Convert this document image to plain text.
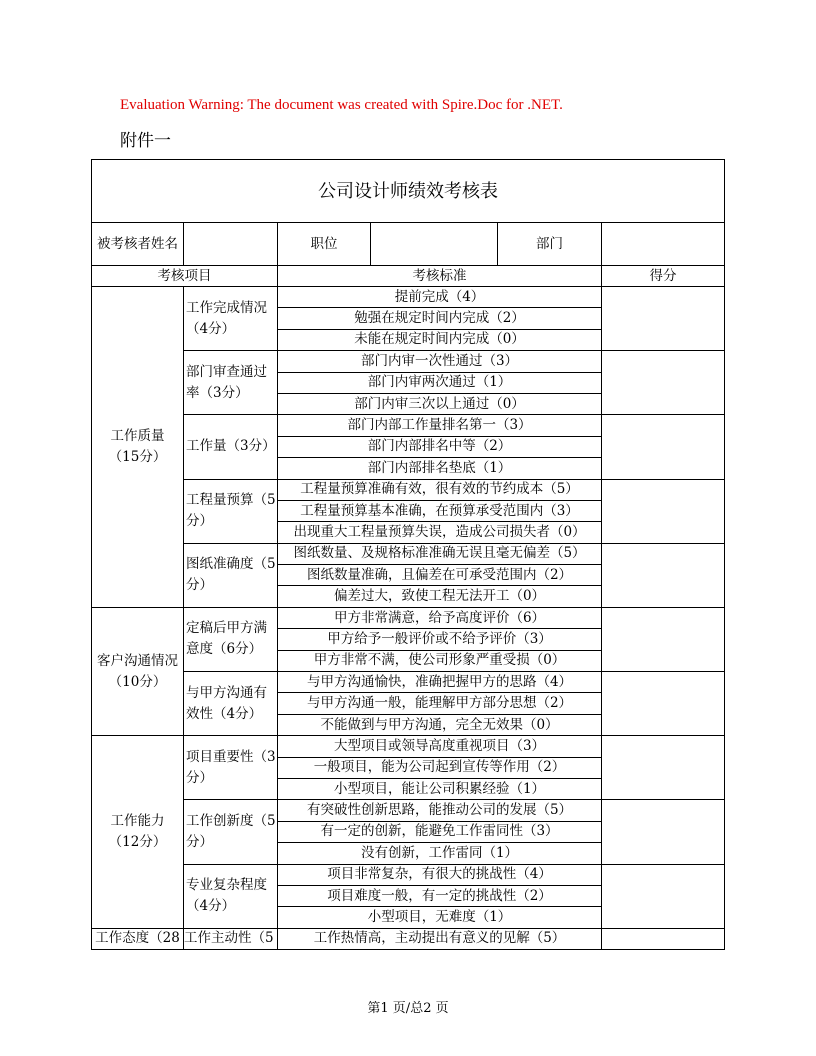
Evaluation Warning: The document was created with Spire.Doc for .NET.
附件一
公司设计师绩效考核表					
被考核者姓名		职位		部门	
考核项目		考核标准			得分
工作质量（15分）	工作完成情况（4分）	提前完成（4）			
		勉强在规定时间内完成（2）			
		未能在规定时间内完成（0）			
	部门审查通过率（3分）	部门内审一次性通过（3）			
		部门内审两次通过（1）			
		部门内审三次以上通过（0）			
	工作量（3分）	部门内部工作量排名第一（3）			
		部门内部排名中等（2）			
		部门内部排名垫底（1）			
	工程量预算（5分）	工程量预算准确有效，很有效的节约成本（5）			
		工程量预算基本准确，在预算承受范围内（3）			
		出现重大工程量预算失误，造成公司损失者（0）			
	图纸准确度（5分）	图纸数量、及规格标准准确无误且毫无偏差（5）			
		图纸数量准确，且偏差在可承受范围内（2）			
		偏差过大，致使工程无法开工（0）			
客户沟通情况（10分）	定稿后甲方满意度（6分）	甲方非常满意，给予高度评价（6）			
		甲方给予一般评价或不给予评价（3）			
		甲方非常不满，使公司形象严重受损（0）			
	与甲方沟通有效性（4分）	与甲方沟通愉快，准确把握甲方的思路（4）			
		与甲方沟通一般，能理解甲方部分思想（2）			
		不能做到与甲方沟通，完全无效果（0）			
工作能力（12分）	项目重要性（3分）	大型项目或领导高度重视项目（3）			
		一般项目，能为公司起到宣传等作用（2）			
		小型项目，能让公司积累经验（1）			
	工作创新度（5分）	有突破性创新思路，能推动公司的发展（5）			
		有一定的创新，能避免工作雷同性（3）			
		没有创新，工作雷同（1）			
	专业复杂程度（4分）	项目非常复杂，有很大的挑战性（4）			
		项目难度一般，有一定的挑战性（2）			
		小型项目，无难度（1）			
工作态度（28	工作主动性（5	工作热情高，主动提出有意义的见解（5）			
第1 页/总2 页
